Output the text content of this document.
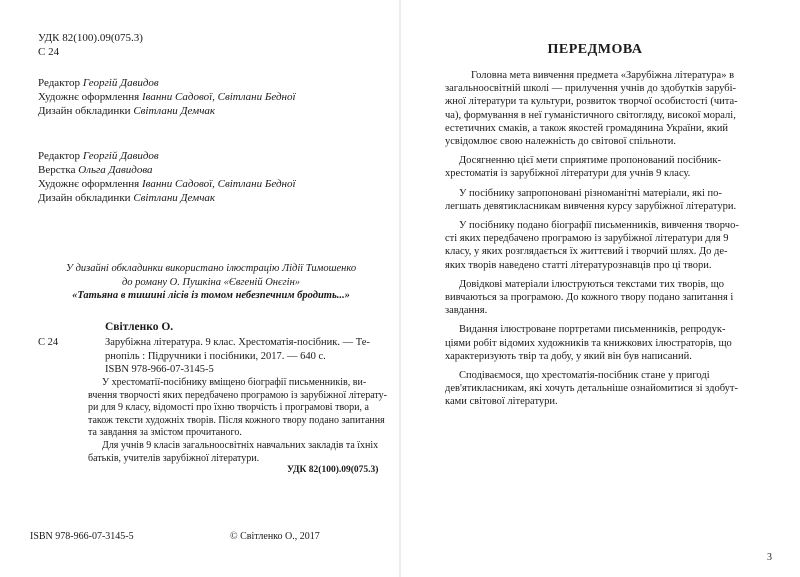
УДК 82(100).09(075.3)
С 24
Редактор Георгій Давидов
Художнє оформлення Іванни Садової, Світлани Бедної
Дизайн обкладинки Світлани Демчак
Редактор Георгій Давидов
Верстка Ольга Давидова
Художнє оформлення Іванни Садової, Світлани Бедної
Дизайн обкладинки Світлани Демчак
У дизайні обкладинки використано ілюстрацію Лідії Тимошенко
до роману О. Пушкіна «Євгеній Онєгін»
«Татьяна в тишині лісів із томом небезпечним бродить...»
Світленко О.
С 24	Зарубіжна література. 9 клас. Хрестоматія-посібник. — Те-
рнопіль : Підручники і посібники, 2017. — 640 с.
ISBN 978-966-07-3145-5
У хрестоматії-посібнику вміщено біографії письменників, ви-
вчення творчості яких передбачено програмою із зарубіжної літерату-
ри для 9 класу, відомості про їхню творчість і програмові твори, а
також тексти художніх творів. Після кожного твору подано запитання
та завдання за змістом прочитаного.
Для учнів 9 класів загальноосвітніх навчальних закладів та їхніх
батьків, учителів зарубіжної літератури.
УДК 82(100).09(075.3)
ISBN 978-966-07-3145-5	© Світленко О., 2017
ПЕРЕДМОВА
Головна мета вивчення предмета «Зарубіжна література» в
загальноосвітній школі — прилучення учнів до здобутків зарубі-
жної літератури та культури, розвиток творчої особистості (чита-
ча), формування в неї гуманістичного світогляду, високої моралі,
естетичних смаків, а також якостей громадянина України, який
усвідомлює свою належність до світової спільноти.
Досягненню цієї мети сприятиме пропонований посібник-
хрестоматія із зарубіжної літератури для учнів 9 класу.
У посібнику запропоновані різноманітні матеріали, які по-
легшать девятикласникам вивчення курсу зарубіжної літератури.
У посібнику подано біографії письменників, вивчення творчо-
сті яких передбачено програмою із зарубіжної літератури для 9
класу, у яких розглядається їх життєвий і творчий шлях. До де-
яких творів наведено статті літературознавців про ці твори.
Довідкові матеріали ілюструються текстами тих творів, що
вивчаються за програмою. До кожного твору подано запитання і
завдання.
Видання ілюстроване портретами письменників, репродук-
ціями робіт відомих художників та книжкових ілюстраторів, що
характеризують твір та добу, у який він був написаний.
Сподіваємося, що хрестоматія-посібник стане у пригоді
дев'ятикласникам, які хочуть детальніше ознайомитися зі здобут-
ками світової літератури.
3
